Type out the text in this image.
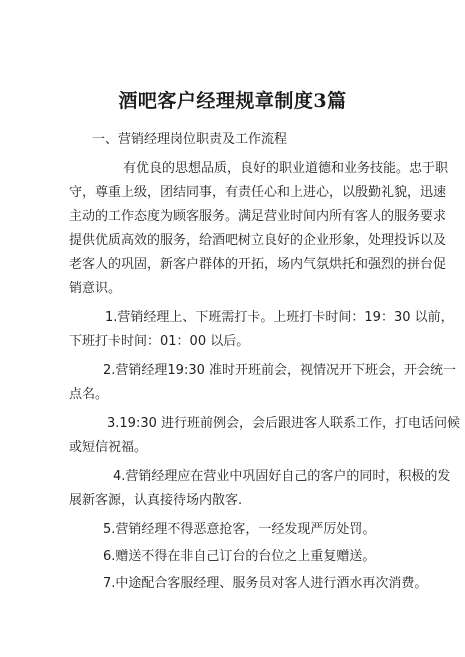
酒吧客户经理规章制度3篇
一、营销经理岗位职责及工作流程
有优良的思想品质，良好的职业道德和业务技能。忠于职
守，尊重上级，团结同事，有责任心和上进心，以殷勤礼貌，迅速
主动的工作态度为顾客服务。满足营业时间内所有客人的服务要求
提供优质高效的服务，给酒吧树立良好的企业形象，处理投诉以及
老客人的巩固，新客户群体的开拓，场内气氛烘托和强烈的拼台促
销意识。
1.营销经理上、下班需打卡。上班打卡时间：19：30 以前，
下班打卡时间：01：00 以后。
2.营销经理19:30 准时开班前会，视情况开下班会，开会统一
点名。
3.19:30 进行班前例会，会后跟进客人联系工作，打电话问候
或短信祝福。
4.营销经理应在营业中巩固好自己的客户的同时，积极的发
展新客源，认真接待场内散客.
5.营销经理不得恶意抢客，一经发现严厉处罚。
6.赠送不得在非自己订台的台位之上重复赠送。
7.中途配合客服经理、服务员对客人进行酒水再次消费。
